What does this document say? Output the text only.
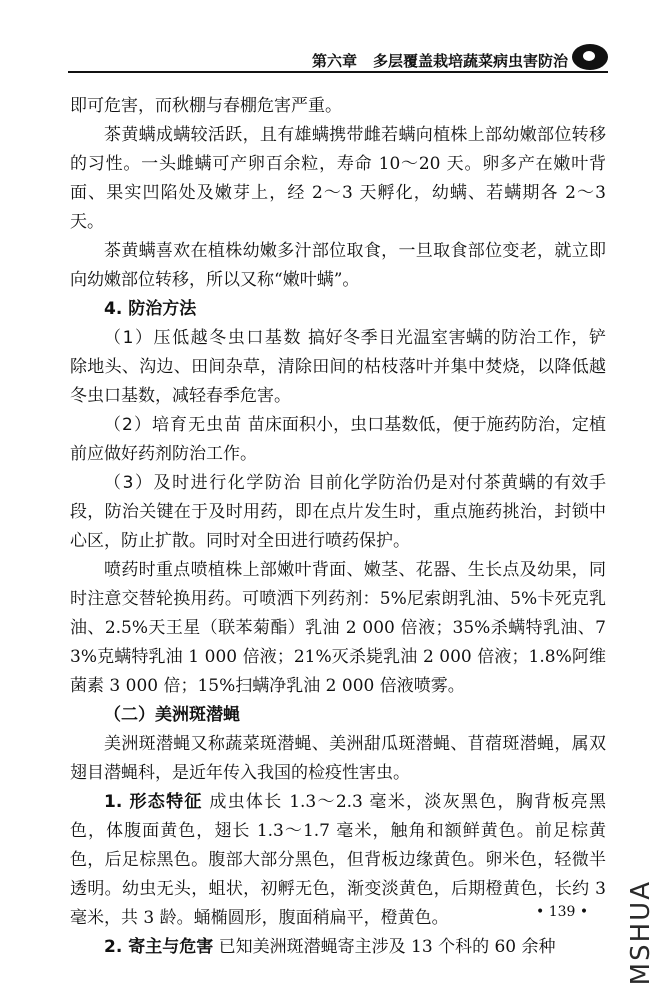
第六章 多层覆盖栽培蔬菜病虫害防治

即可危害，而秋棚与春棚危害严重。

茶黄螨成螨较活跃，且有雄螨携带雌若螨向植株上部幼嫩部位转移的习性。一头雌螨可产卵百余粒，寿命 10～20 天。卵多产在嫩叶背面、果实凹陷处及嫩芽上，经 2～3 天孵化，幼螨、若螨期各 2～3 天。

茶黄螨喜欢在植株幼嫩多汁部位取食，一旦取食部位变老，就立即向幼嫩部位转移，所以又称“嫩叶螨”。

4. 防治方法

（1）压低越冬虫口基数 搞好冬季日光温室害螨的防治工作，铲除地头、沟边、田间杂草，清除田间的枯枝落叶并集中焚烧，以降低越冬虫口基数，减轻春季危害。

（2）培育无虫苗 苗床面积小，虫口基数低，便于施药防治，定植前应做好药剂防治工作。

（3）及时进行化学防治 目前化学防治仍是对付茶黄螨的有效手段，防治关键在于及时用药，即在点片发生时，重点施药挑治，封锁中心区，防止扩散。同时对全田进行喷药保护。

喷药时重点喷植株上部嫩叶背面、嫩茎、花器、生长点及幼果，同时注意交替轮换用药。可喷洒下列药剂：5%尼索朗乳油、5%卡死克乳油、2.5%天王星（联苯菊酯）乳油 2 000 倍液；35%杀螨特乳油、73%克螨特乳油 1 000 倍液；21%灭杀毙乳油 2 000 倍液；1.8%阿维菌素 3 000 倍；15%扫螨净乳油 2 000 倍液喷雾。

（二）美洲斑潜蝇

美洲斑潜蝇又称蔬菜斑潜蝇、美洲甜瓜斑潜蝇、苜蓿斑潜蝇，属双翅目潜蝇科，是近年传入我国的检疫性害虫。

1. 形态特征 成虫体长 1.3～2.3 毫米，淡灰黑色，胸背板亮黑色，体腹面黄色，翅长 1.3～1.7 毫米，触角和额鲜黄色。前足棕黄色，后足棕黑色。腹部大部分黑色，但背板边缘黄色。卵米色，轻微半透明。幼虫无头，蛆状，初孵无色，渐变淡黄色，后期橙黄色，长约 3 毫米，共 3 龄。蛹椭圆形，腹面稍扁平，橙黄色。

2. 寄主与危害 已知美洲斑潜蝇寄主涉及 13 个科的 60 余种

• 139 • MSHUA
